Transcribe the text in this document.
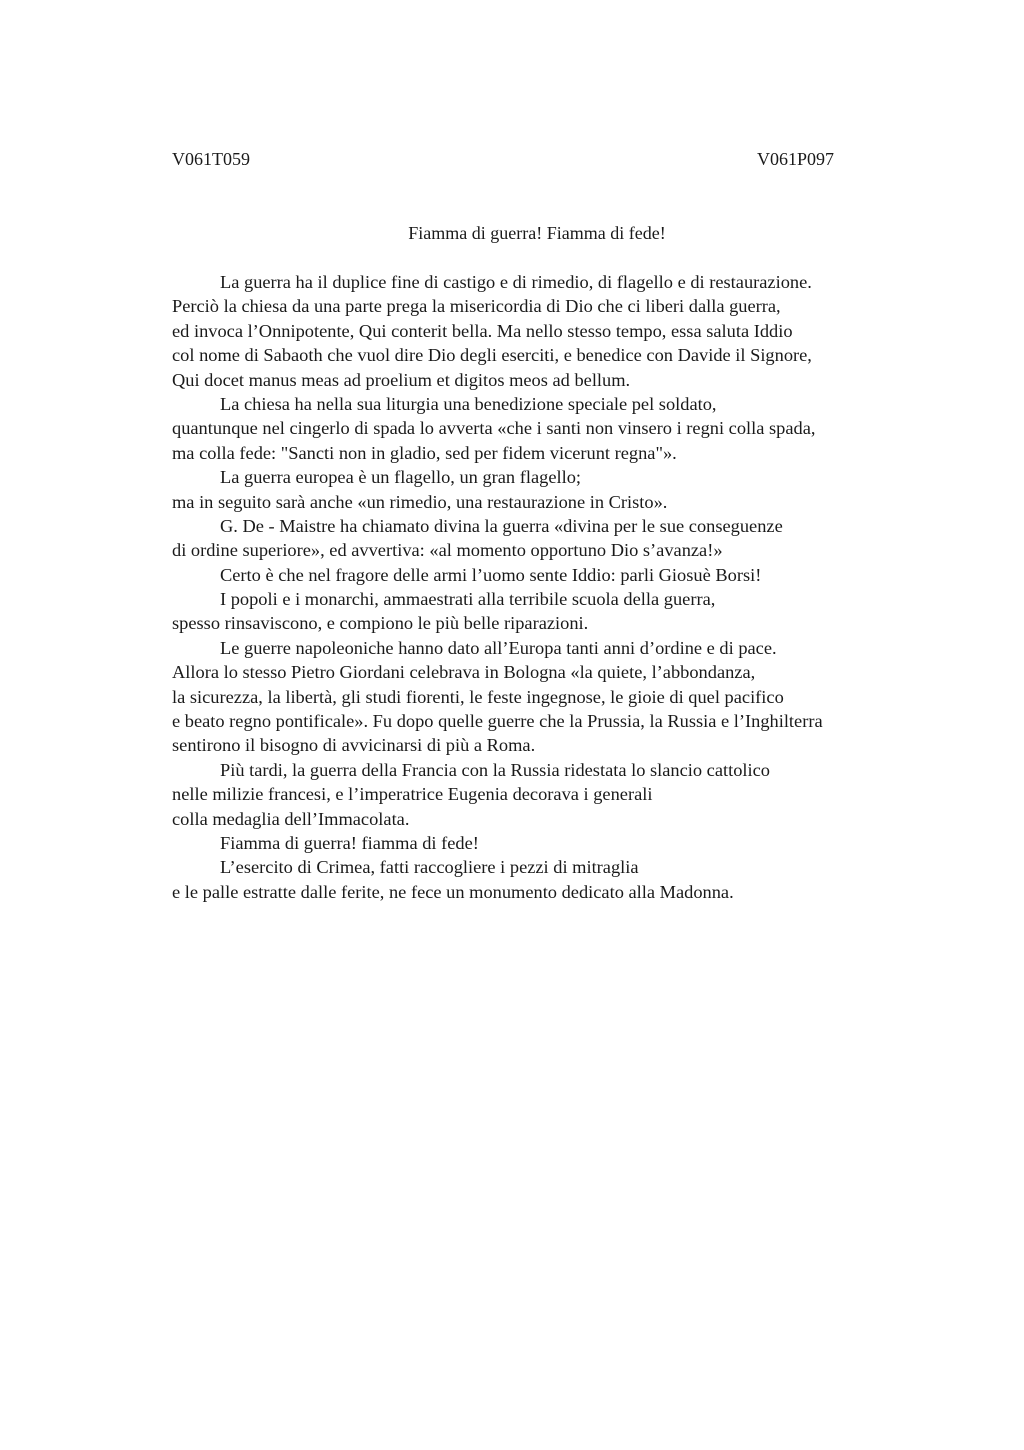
V061T059	V061P097
Fiamma di guerra! Fiamma di fede!
La guerra ha il duplice fine di castigo e di rimedio, di flagello e di restaurazione.
Perciò la chiesa da una parte prega la misericordia di Dio che ci liberi dalla guerra,
ed invoca l’Onnipotente, Qui conterit bella. Ma nello stesso tempo, essa saluta Iddio
col nome di Sabaoth che vuol dire Dio degli eserciti, e benedice con Davide il Signore,
Qui docet manus meas ad proelium et digitos meos ad bellum.
La chiesa ha nella sua liturgia una benedizione speciale pel soldato,
quantunque nel cingerlo di spada lo avverta «che i santi non vinsero i regni colla spada,
ma colla fede: "Sancti non in gladio, sed per fidem vicerunt regna"».
La guerra europea è un flagello, un gran flagello;
ma in seguito sarà anche «un rimedio, una restaurazione in Cristo».
G. De - Maistre ha chiamato divina la guerra «divina per le sue conseguenze
di ordine superiore», ed avvertiva: «al momento opportuno Dio s’avanza!»
Certo è che nel fragore delle armi l’uomo sente Iddio: parli Giosuè Borsi!
I popoli e i monarchi, ammaestrati alla terribile scuola della guerra,
spesso rinsaviscono, e compiono le più belle riparazioni.
Le guerre napoleoniche hanno dato all’Europa tanti anni d’ordine e di pace.
Allora lo stesso Pietro Giordani celebrava in Bologna «la quiete, l’abbondanza,
la sicurezza, la libertà, gli studi fiorenti, le feste ingegnose, le gioie di quel pacifico
e beato regno pontificale». Fu dopo quelle guerre che la Prussia, la Russia e l’Inghilterra
sentirono il bisogno di avvicinarsi di più a Roma.
Più tardi, la guerra della Francia con la Russia ridestata lo slancio cattolico
nelle milizie francesi, e l’imperatrice Eugenia decorava i generali
colla medaglia dell’Immacolata.
Fiamma di guerra! fiamma di fede!
L’esercito di Crimea, fatti raccogliere i pezzi di mitraglia
e le palle estratte dalle ferite, ne fece un monumento dedicato alla Madonna.
